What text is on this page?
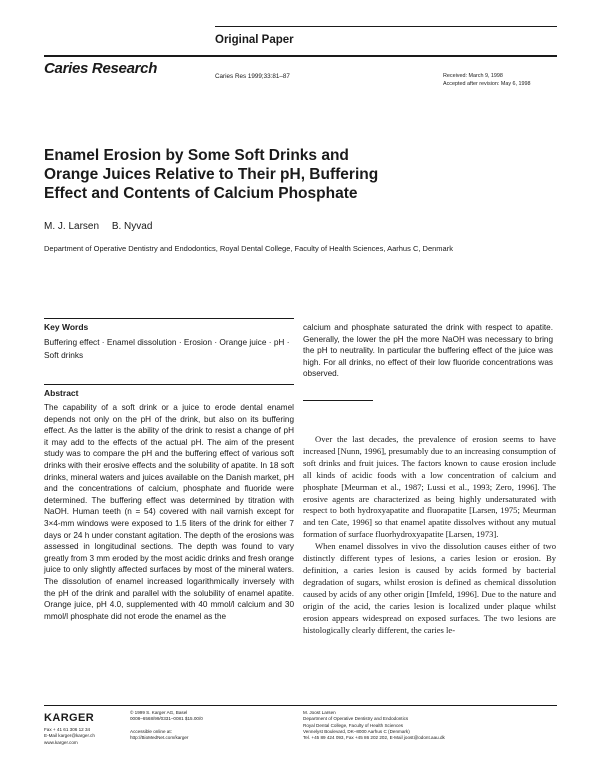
Original Paper
Caries Research	Caries Res 1999;33:81–87	Received: March 9, 1998
Accepted after revision: May 6, 1998
Enamel Erosion by Some Soft Drinks and Orange Juices Relative to Their pH, Buffering Effect and Contents of Calcium Phosphate
M. J. Larsen B. Nyvad
Department of Operative Dentistry and Endodontics, Royal Dental College, Faculty of Health Sciences, Aarhus C, Denmark
Key Words
Buffering effect · Enamel dissolution · Erosion · Orange juice · pH · Soft drinks
Abstract
The capability of a soft drink or a juice to erode dental enamel depends not only on the pH of the drink, but also on its buffering effect. As the latter is the ability of the drink to resist a change of pH it may add to the effects of the actual pH. The aim of the present study was to compare the pH and the buffering effect of various soft drinks with their erosive effects and the solubility of apatite. In 18 soft drinks, mineral waters and juices available on the Danish market, pH and the concentrations of calcium, phosphate and fluoride were determined. The buffering effect was determined by titration with NaOH. Human teeth (n = 54) covered with nail varnish except for 3×4-mm windows were exposed to 1.5 liters of the drink for either 7 days or 24 h under constant agitation. The depth of the erosions was assessed in longitudinal sections. The depth was found to vary greatly from 3 mm eroded by the most acidic drinks and fresh orange juice to only slightly affected surfaces by most of the mineral waters. The dissolution of enamel increased logarithmically inversely with the pH of the drink and parallel with the solubility of enamel apatite. Orange juice, pH 4.0, supplemented with 40 mmol/l calcium and 30 mmol/l phosphate did not erode the enamel as the
calcium and phosphate saturated the drink with respect to apatite. Generally, the lower the pH the more NaOH was necessary to bring the pH to neutrality. In particular the buffering effect of the juice was high. For all drinks, no effect of their low fluoride concentrations was observed.

Over the last decades, the prevalence of erosion seems to have increased [Nunn, 1996], presumably due to an increasing consumption of soft drinks and fruit juices. The factors known to cause erosion include all kinds of acidic foods with a low concentration of calcium and phosphate [Meurman et al., 1987; Lussi et al., 1993; Zero, 1996]. The erosive agents are characterized as being highly undersaturated with respect to both hydroxyapatite and fluorapatite [Larsen, 1975; Meurman and ten Cate, 1996] so that enamel apatite dissolves without any mutual formation of surface fluorhydroxyapatite [Larsen, 1973].

When enamel dissolves in vivo the dissolution causes either of two distinctly different types of lesions, a caries lesion or erosion. By definition, a caries lesion is caused by acids formed by bacterial degradation of sugars, whilst erosion is defined as chemical dissolution caused by acids of any other origin [Imfeld, 1996]. Due to the nature and origin of the acid, the caries lesion is localized under plaque whilst erosion appears widespread on exposed surfaces. The two lesions are histologically clearly different, the caries le-

KARGER
Fax + 41 61 306 12 34
E-Mail karger@karger.ch
www.karger.com
© 1999 S. Karger AG, Basel
0008–6568/99/0331–0081 $15.00/0
Accessible online at:
http://BioMedNet.com/karger
M. Joost Larsen
Department of Operative Dentistry and Endodontics
Royal Dental College, Faculty of Health Sciences
Vennelyst Boulevard, DK–8000 Aarhus C (Denmark)
Tel. +45 89 424 093, Fax +45 86 202 202, E-Mail joost@odont.aau.dk
